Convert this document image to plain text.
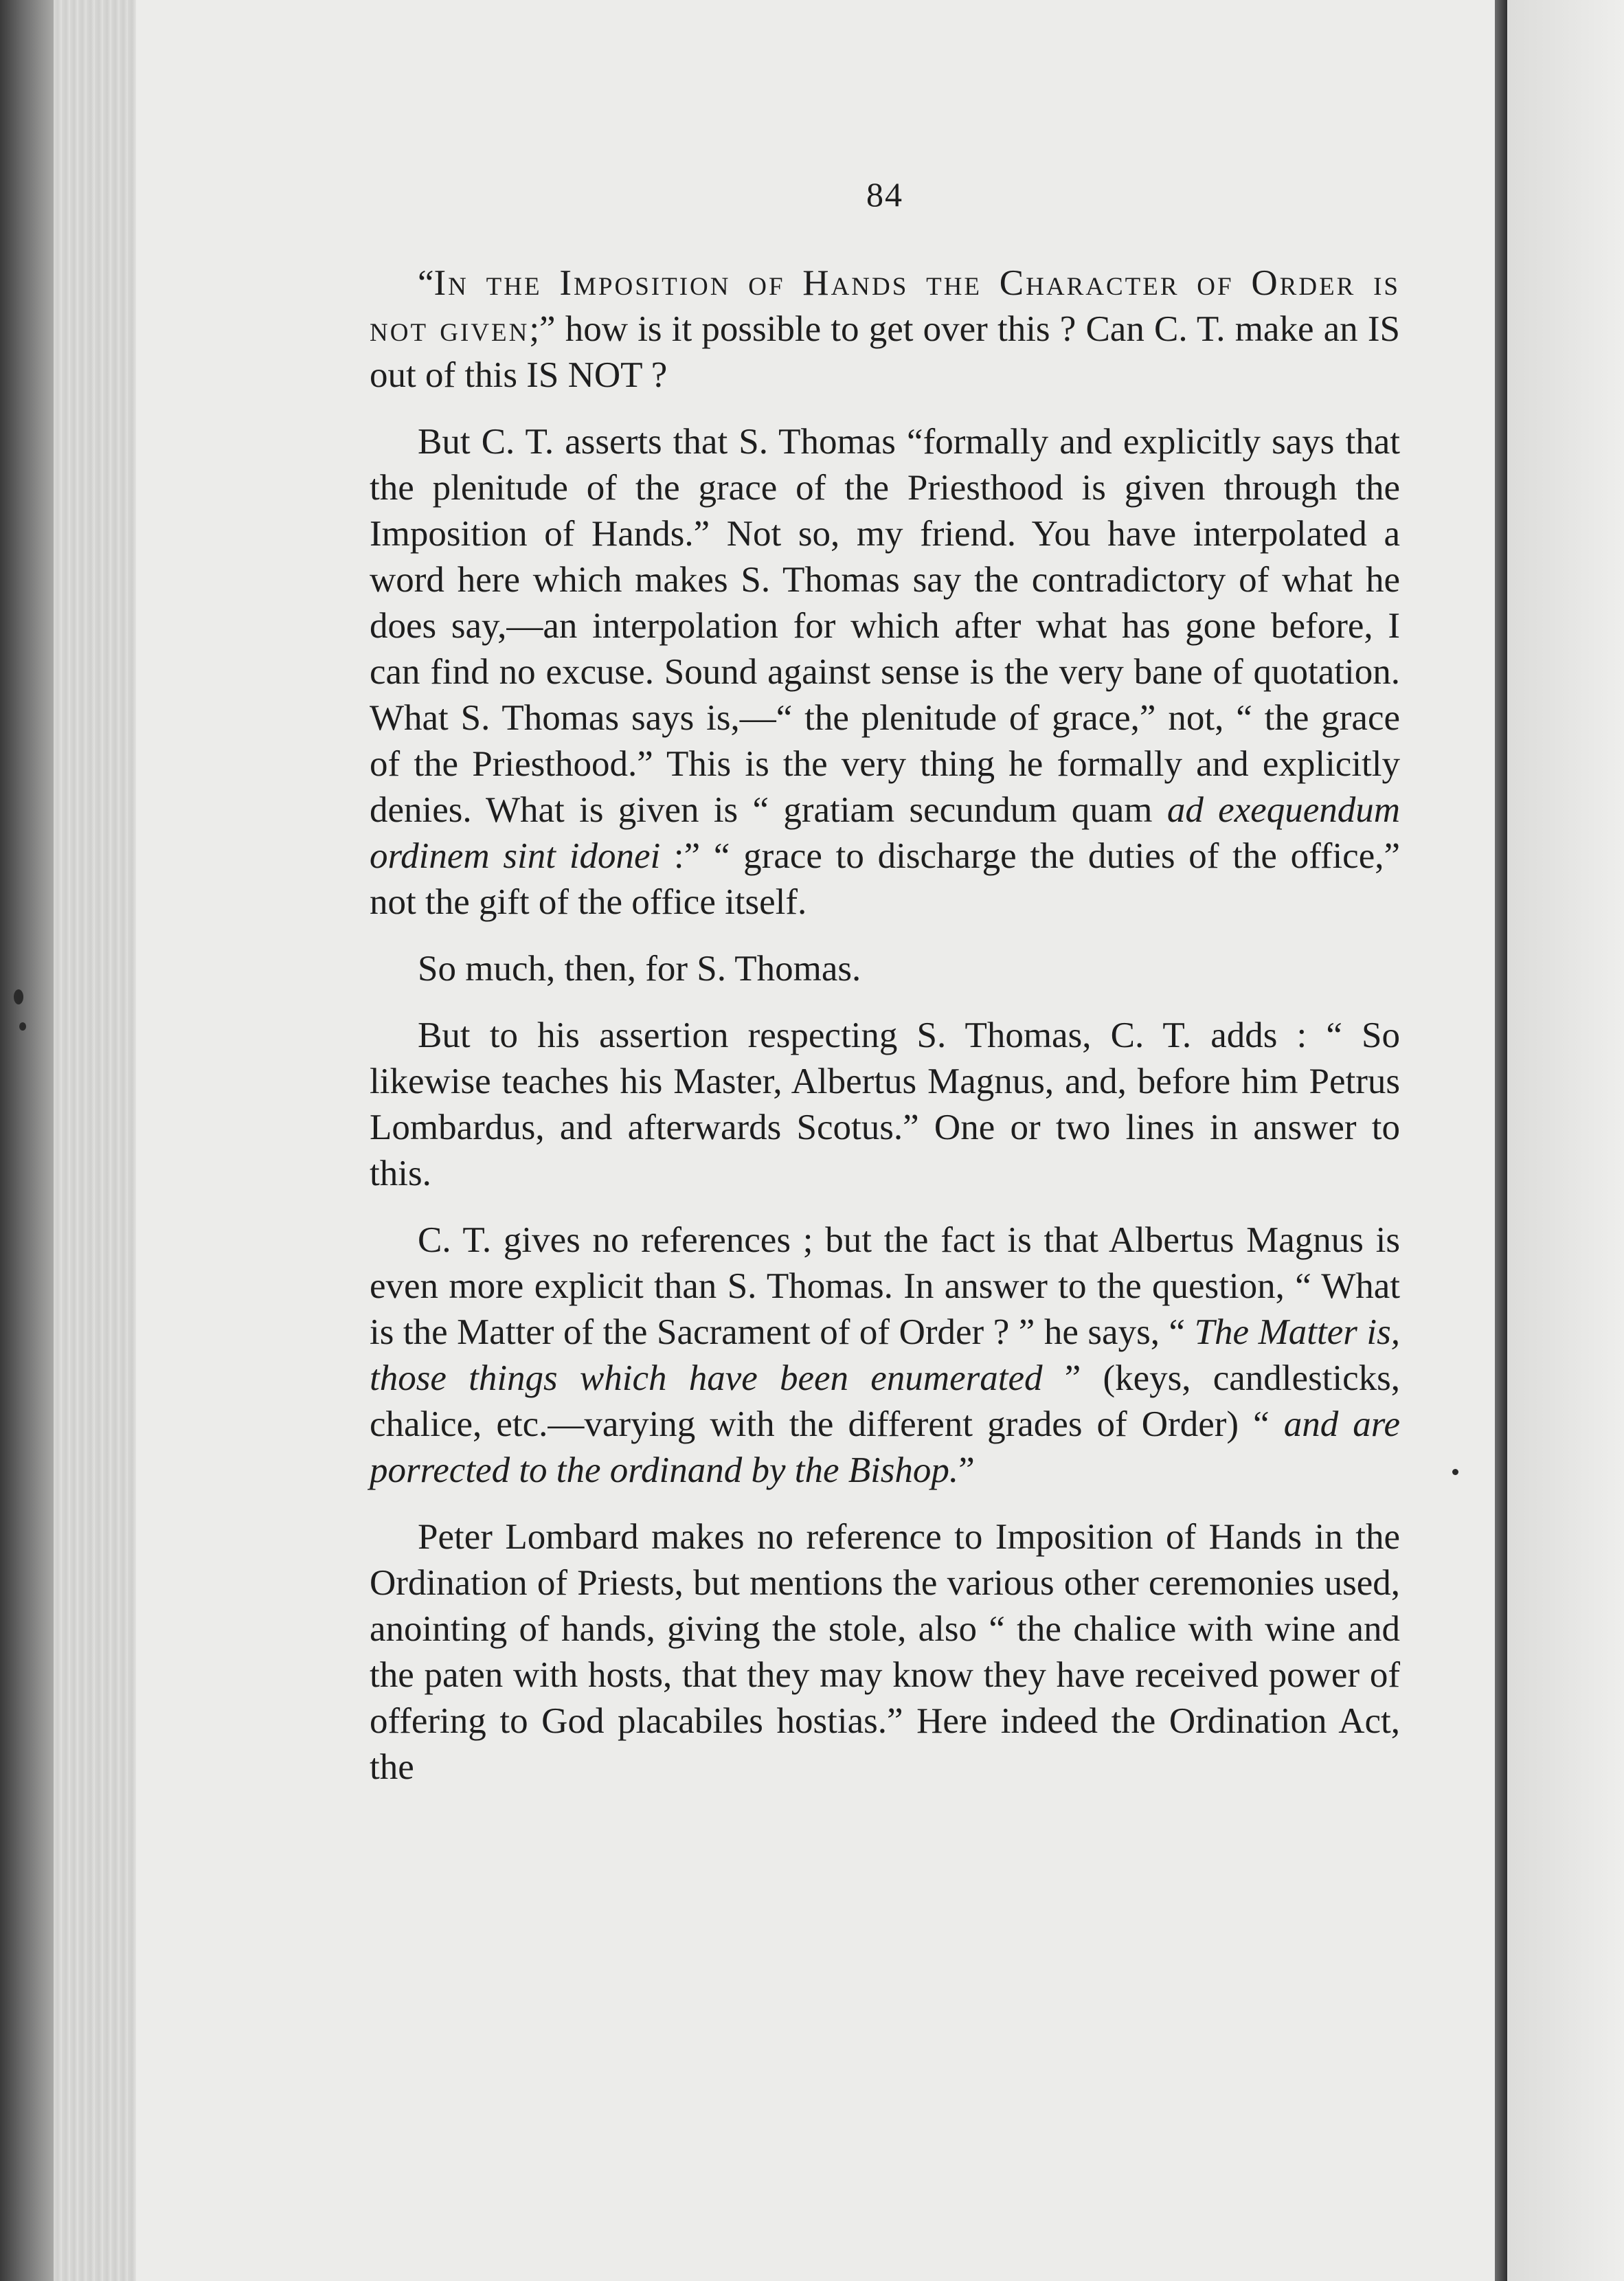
84

“In the Imposition of Hands the Character of Order is not given;” how is it possible to get over this ? Can C. T. make an IS out of this IS NOT ?

But C. T. asserts that S. Thomas “formally and explicitly says that the plenitude of the grace of the Priesthood is given through the Imposition of Hands.” Not so, my friend. You have interpolated a word here which makes S. Thomas say the contradictory of what he does say,—an interpolation for which after what has gone before, I can find no excuse. Sound against sense is the very bane of quotation. What S. Thomas says is,—“ the plenitude of grace,” not, “ the grace of the Priesthood.” This is the very thing he formally and explicitly denies. What is given is “ gratiam secundum quam ad exequendum ordinem sint idonei :” “ grace to discharge the duties of the office,” not the gift of the office itself.

So much, then, for S. Thomas.

But to his assertion respecting S. Thomas, C. T. adds : “ So likewise teaches his Master, Albertus Magnus, and, before him Petrus Lombardus, and afterwards Scotus.” One or two lines in answer to this.

C. T. gives no references ; but the fact is that Albertus Magnus is even more explicit than S. Thomas. In answer to the question, “ What is the Matter of the Sacrament of of Order ? ” he says, “ The Matter is, those things which have been enumerated ” (keys, candlesticks, chalice, etc.—varying with the different grades of Order) “ and are porrected to the ordinand by the Bishop.”

Peter Lombard makes no reference to Imposition of Hands in the Ordination of Priests, but mentions the various other ceremonies used, anointing of hands, giving the stole, also “ the chalice with wine and the paten with hosts, that they may know they have received power of offering to God placabiles hostias.” Here indeed the Ordination Act, the
